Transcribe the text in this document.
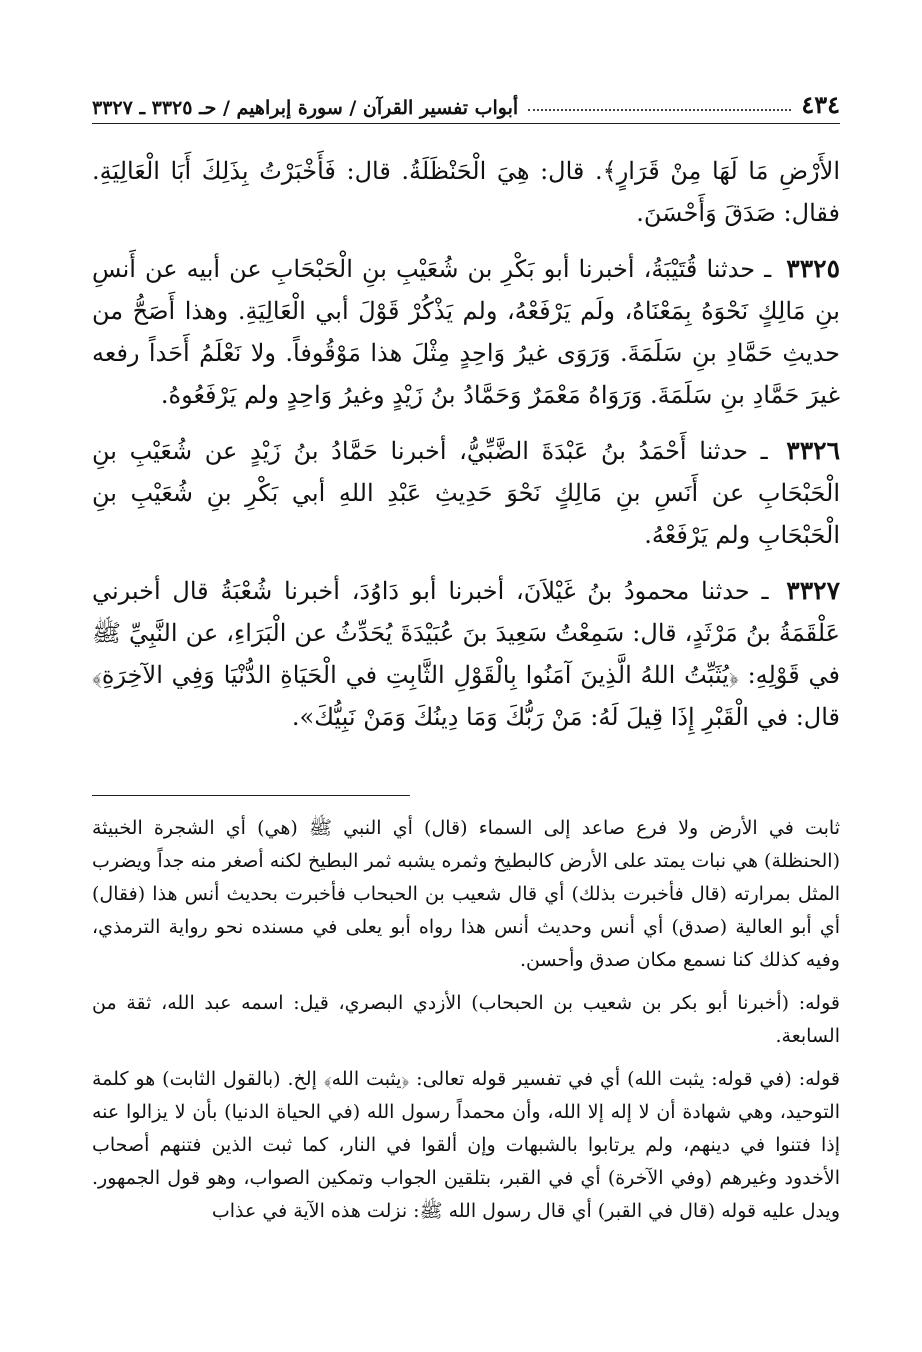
٤٣٤
أبواب تفسير القرآن / سورة إبراهيم / حـ ٣٣٢٥ ـ ٣٣٢٧

الأَرْضِ مَا لَهَا مِنْ قَرَارٍ﴾. قال: هِيَ الْحَنْظَلَةُ. قال: فَأَخْبَرْتُ بِذَلِكَ أَبَا الْعَالِيَةِ. فقال: صَدَقَ وَأَحْسَنَ.

٣٣٢٥ ـ حدثنا قُتَيْبَةُ، أخبرنا أبو بَكْرِ بن شُعَيْبِ بنِ الْحَبْحَابِ عن أبيه عن أَنسِ بنِ مَالِكٍ نَحْوَهُ بِمَعْنَاهُ، ولَم يَرْفَعْهُ، ولم يَذْكُرْ قَوْلَ أبي الْعَالِيَةِ. وهذا أَصَحُّ من حديثِ حَمَّادِ بنِ سَلَمَةَ. وَرَوَى غيرُ وَاحِدٍ مِثْلَ هذا مَوْقُوفاً. ولا نَعْلَمُ أَحَداً رفعه غيرَ حَمَّادِ بنِ سَلَمَةَ. وَرَوَاهُ مَعْمَرٌ وَحَمَّادُ بنُ زَيْدٍ وغيرُ وَاحِدٍ ولم يَرْفَعُوهُ.

٣٣٢٦ ـ حدثنا أَحْمَدُ بنُ عَبْدَةَ الضَّبِّيُّ، أخبرنا حَمَّادُ بنُ زَيْدٍ عن شُعَيْبِ بنِ الْحَبْحَابِ عن أَنَسِ بنِ مَالِكٍ نَحْوَ حَدِيثِ عَبْدِ اللهِ أبي بَكْرِ بنِ شُعَيْبِ بنِ الْحَبْحَابِ ولم يَرْفَعْهُ.

٣٣٢٧ ـ حدثنا محمودُ بنُ غَيْلاَنَ، أخبرنا أبو دَاوُدَ، أخبرنا شُعْبَةُ قال أخبرني عَلْقَمَةُ بنُ مَرْثَدٍ، قال: سَمِعْتُ سَعِيدَ بنَ عُبَيْدَةَ يُحَدِّثُ عن الْبَرَاءِ، عن النَّبِيِّ ﷺ في قَوْلِهِ: ﴿يُثَبِّتُ اللهُ الَّذِينَ آمَنُوا بِالْقَوْلِ الثَّابِتِ في الْحَيَاةِ الدُّنْيَا وَفِي الآخِرَةِ﴾ قال: في الْقَبْرِ إِذَا قِيلَ لَهُ: مَنْ رَبُّكَ وَمَا دِينُكَ وَمَنْ نَبِيُّكَ».

ثابت في الأرض ولا فرع صاعد إلى السماء (قال) أي النبي ﷺ (هي) أي الشجرة الخبيثة (الحنظلة) هي نبات يمتد على الأرض كالبطيخ وثمره يشبه ثمر البطيخ لكنه أصغر منه جداً ويضرب المثل بمرارته (قال فأخبرت بذلك) أي قال شعيب بن الحبحاب فأخبرت بحديث أنس هذا (فقال) أي أبو العالية (صدق) أي أنس وحديث أنس هذا رواه أبو يعلى في مسنده نحو رواية الترمذي، وفيه كذلك كنا نسمع مكان صدق وأحسن.

قوله: (أخبرنا أبو بكر بن شعيب بن الحبحاب) الأزدي البصري، قيل: اسمه عبد الله، ثقة من السابعة.

قوله: (في قوله: يثبت الله) أي في تفسير قوله تعالى: ﴿يثبت الله﴾ إلخ. (بالقول الثابت) هو كلمة التوحيد، وهي شهادة أن لا إله إلا الله، وأن محمداً رسول الله (في الحياة الدنيا) بأن لا يزالوا عنه إذا فتنوا في دينهم، ولم يرتابوا بالشبهات وإن ألقوا في النار، كما ثبت الذين فتنهم أصحاب الأخدود وغيرهم (وفي الآخرة) أي في القبر، بتلقين الجواب وتمكين الصواب، وهو قول الجمهور. ويدل عليه قوله (قال في القبر) أي قال رسول الله ﷺ: نزلت هذه الآية في عذاب
